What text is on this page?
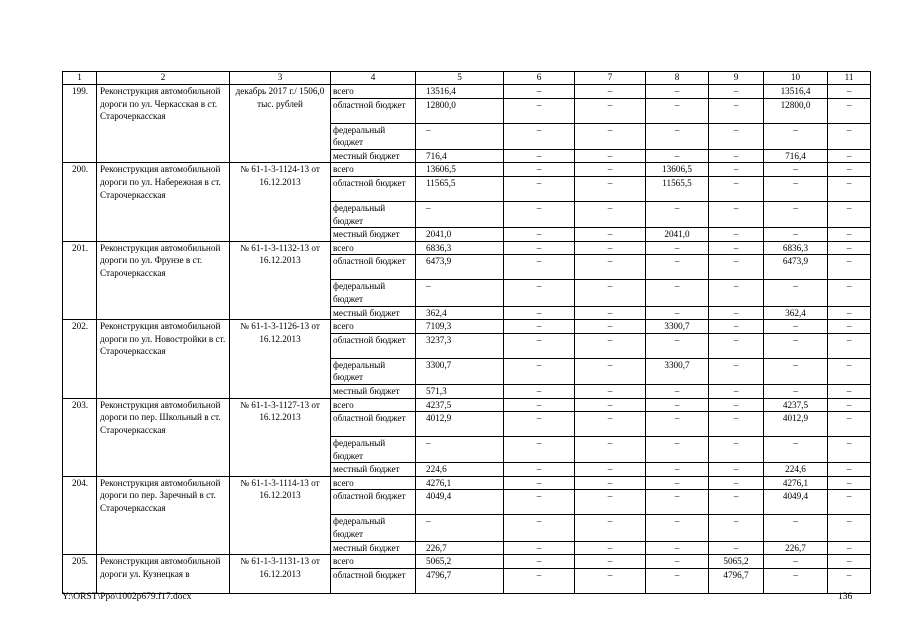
1	2	3	4	5	6	7	8	9	10	11
199.	Реконструкция автомобильной дороги по ул. Черкасская в ст. Старочеркасская	декабрь 2017 г./ 1506,0 тыс. рублей	всего	13516,4	–	–	–	–	13516,4	–
			областной бюджет	12800,0	–	–	–	–	12800,0	–
			федеральный бюджет	–	–	–	–	–	–	–
			местный бюджет	716,4	–	–	–	–	716,4	–
200.	Реконструкция автомобильной дороги по ул. Набережная в ст. Старочеркасская	№ 61-1-3-1124-13 от 16.12.2013	всего	13606,5	–	–	13606,5	–	–	–
			областной бюджет	11565,5	–	–	11565,5	–	–	–
			федеральный бюджет	–	–	–	–	–	–	–
			местный бюджет	2041,0	–	–	2041,0	–	–	–
201.	Реконструкция автомобильной дороги по ул. Фрунзе в ст. Старочеркасская	№ 61-1-3-1132-13 от 16.12.2013	всего	6836,3	–	–	–	–	6836,3	–
			областной бюджет	6473,9	–	–	–	–	6473,9	–
			федеральный бюджет	–	–	–	–	–	–	–
			местный бюджет	362,4	–	–	–	–	362,4	–
202.	Реконструкция автомобильной дороги по ул. Новостройки в ст. Старочеркасская	№ 61-1-3-1126-13 от 16.12.2013	всего	7109,3	–	–	3300,7	–	–	–
			областной бюджет	3237,3	–	–	–	–	–	–
			федеральный бюджет	3300,7	–	–	3300,7	–	–	–
			местный бюджет	571,3	–	–	–	–	–	–
203.	Реконструкция автомобильной дороги по пер. Школьный в ст. Старочеркасская	№ 61-1-3-1127-13 от 16.12.2013	всего	4237,5	–	–	–	–	4237,5	–
			областной бюджет	4012,9	–	–	–	–	4012,9	–
			федеральный бюджет	–	–	–	–	–	–	–
			местный бюджет	224,6	–	–	–	–	224,6	–
204.	Реконструкция автомобильной дороги по пер. Заречный в ст. Старочеркасская	№ 61-1-3-1114-13 от 16.12.2013	всего	4276,1	–	–	–	–	4276,1	–
			областной бюджет	4049,4	–	–	–	–	4049,4	–
			федеральный бюджет	–	–	–	–	–	–	–
			местный бюджет	226,7	–	–	–	–	226,7	–
205.	Реконструкция автомобильной дороги ул. Кузнецкая в	№ 61-1-3-1131-13 от 16.12.2013	всего	5065,2	–	–	–	5065,2	–	–
			областной бюджет	4796,7	–	–	–	4796,7	–	–
Y:\ORST\Ppo\1002p679.f17.docx	136
